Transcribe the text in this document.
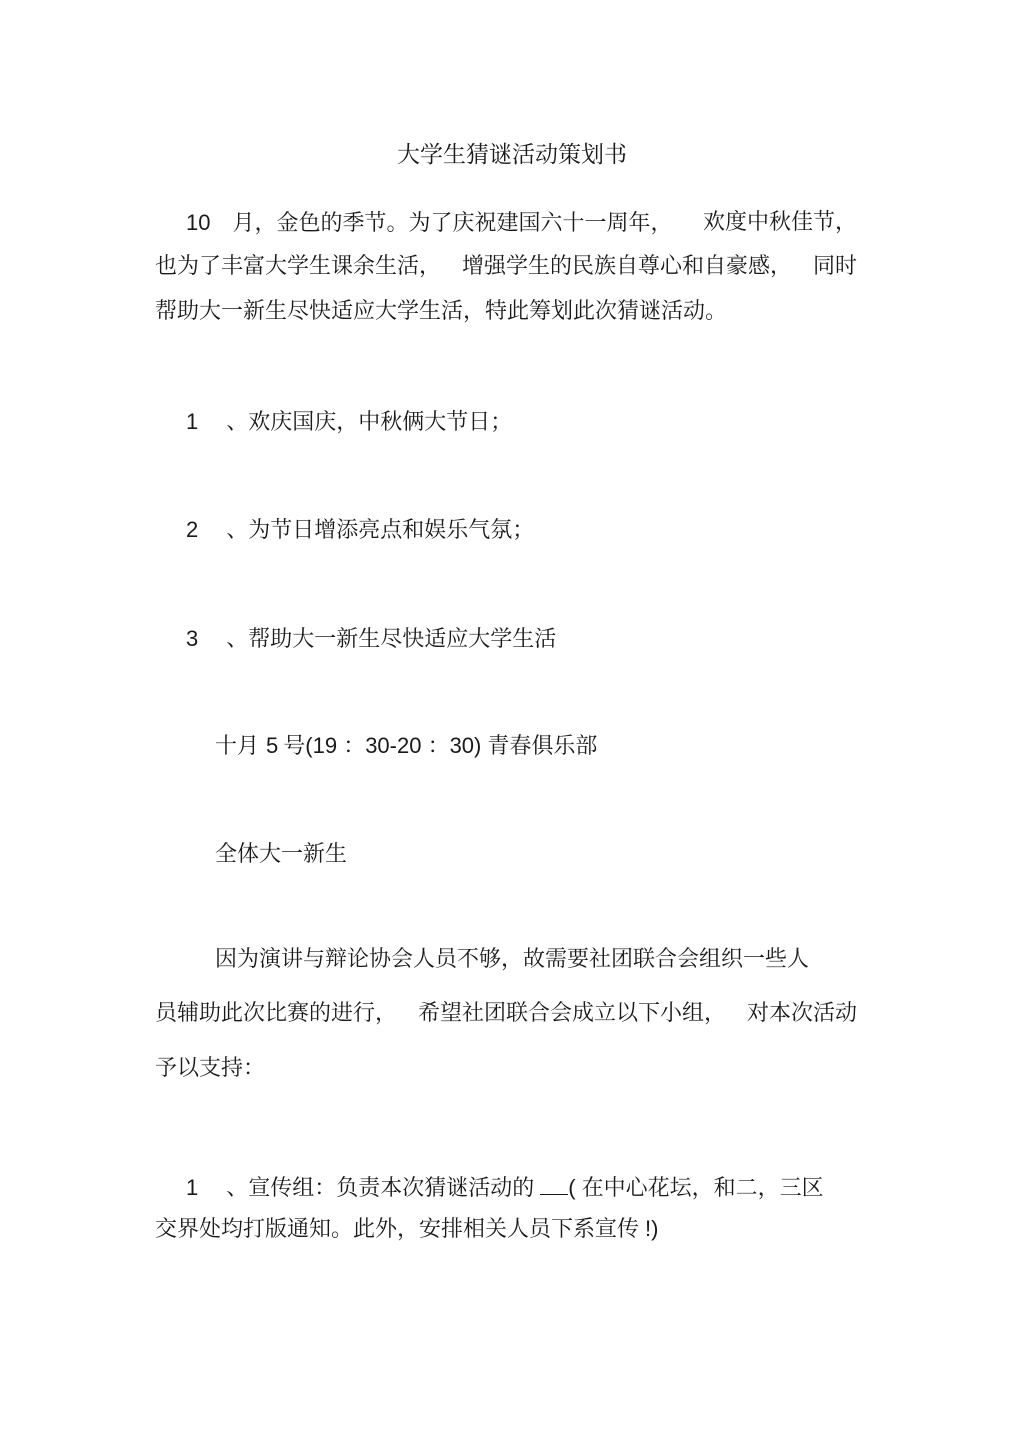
大学生猜谜活动策划书
10 月，金色的季节。为了庆祝建国六十一周年， 欢度中秋佳节，
也为了丰富大学生课余生活， 增强学生的民族自尊心和自豪感， 同时
帮助大一新生尽快适应大学生活，特此筹划此次猜谜活动。
1 、欢庆国庆，中秋俩大节日；
2 、为节日增添亮点和娱乐气氛；
3 、帮助大一新生尽快适应大学生活
十月 5 号(19 ：30-20 ：30) 青春俱乐部
全体大一新生
因为演讲与辩论协会人员不够，故需要社团联合会组织一些人
员辅助此次比赛的进行， 希望社团联合会成立以下小组， 对本次活动
予以支持：
1 、宣传组：负责本次猜谜活动的 ( 在中心花坛，和二，三区
交界处均打版通知。此外，安排相关人员下系宣传 !)
